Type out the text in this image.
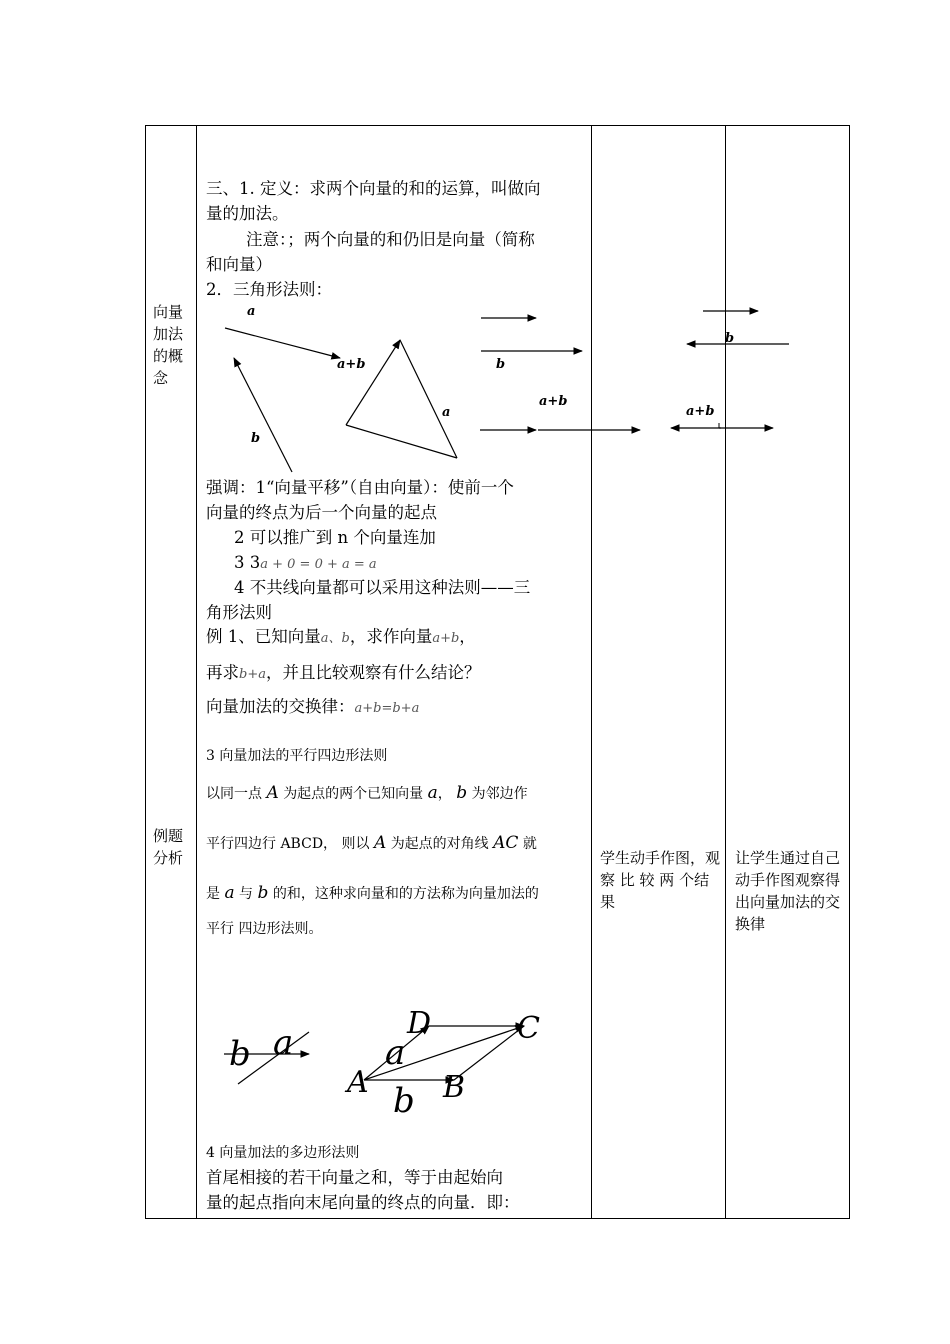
向量
加法
的概
念
例题
分析
三、1. 定义：求两个向量的和的运算，叫做向
量的加法。
注意：；两个向量的和仍旧是向量（简称
和向量）
2．三角形法则：
a
a+b
b
a
b
a+b
b
a+b
强调：1“向量平移”（自由向量）：使前一个
向量的终点为后一个向量的起点
2 可以推广到 n 个向量连加
3 3a + 0 = 0 + a = a
4 不共线向量都可以采用这种法则——三
角形法则
例 1、已知向量a、b，求作向量a+b，
再求b+a，并且比较观察有什么结论？
向量加法的交换律：a+b=b+a
3 向量加法的平行四边形法则
以同一点 A 为起点的两个已知向量 a， b 为邻边作
平行四边行 ABCD， 则以 A 为起点的对角线 AC 就
是 a 与 b 的和，这种求向量和的方法称为向量加法的
平行 四边形法则。
b a	D	C
a
A B
b
4 向量加法的多边形法则
首尾相接的若干向量之和，等于由起始向
量的起点指向末尾向量的终点的向量．即：
学生动手作图，观 察 比 较 两 个结果
让学生通过自己动手作图观察得出向量加法的交换律
